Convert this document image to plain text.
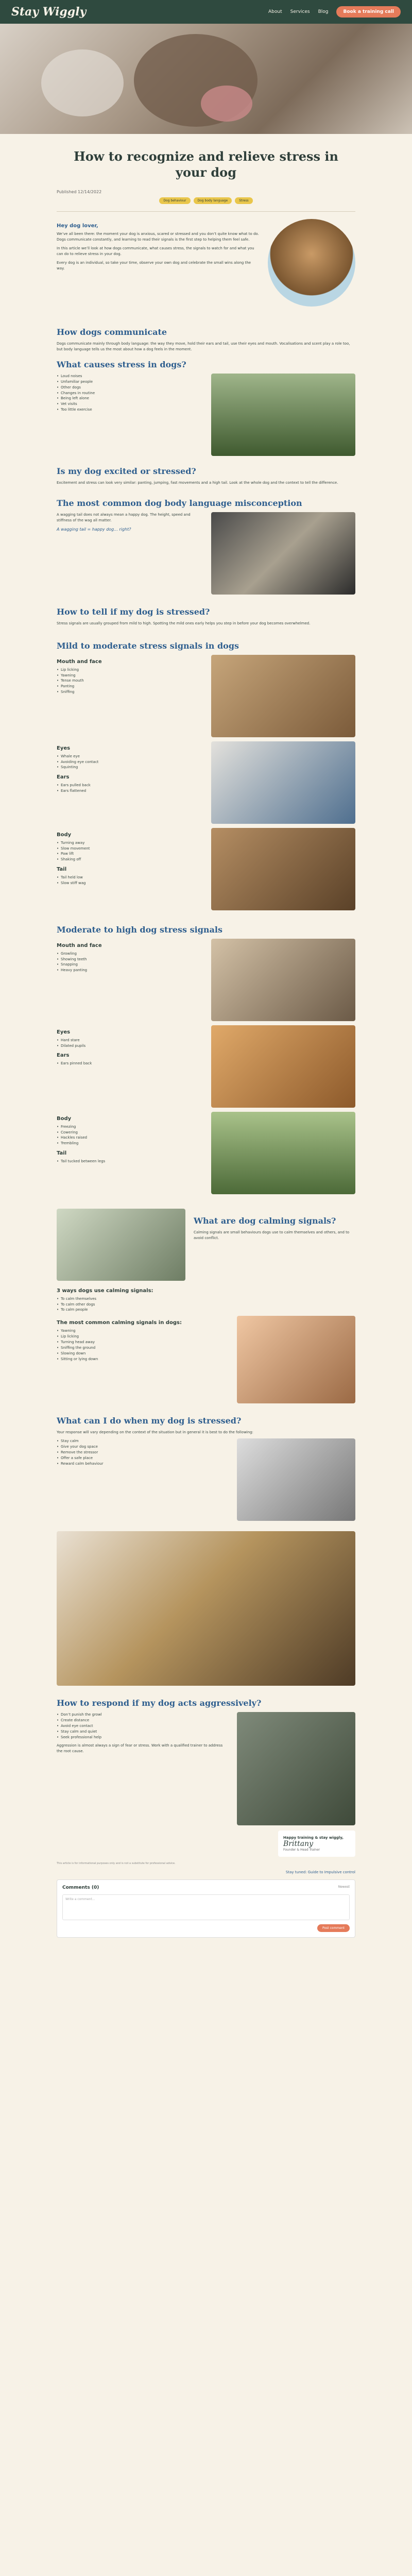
Stay Wiggly	About Services Blog	Book a training call
How to recognize and relieve stress in your dog
Published 12/14/2022
Dog behaviour	Dog body language	Stress
Hey dog lover,

We’ve all been there: the moment your dog is anxious, scared or stressed and you don’t quite know what to do. Dogs communicate constantly, and learning to read their signals is the first step to helping them feel safe.

In this article we’ll look at how dogs communicate, what causes stress, the signals to watch for and what you can do to relieve stress in your dog.

Every dog is an individual, so take your time, observe your own dog and celebrate the small wins along the way.

How dogs communicate

Dogs communicate mainly through body language: the way they move, hold their ears and tail, use their eyes and mouth. Vocalisations and scent play a role too, but body language tells us the most about how a dog feels in the moment.

What causes stress in dogs?
• Loud noises
• Unfamiliar people
• Other dogs
• Changes in routine
• Being left alone
• Vet visits
• Too little exercise
Is my dog excited or stressed?

Excitement and stress can look very similar: panting, jumping, fast movements and a high tail. Look at the whole dog and the context to tell the difference.

The most common dog body language misconception

A wagging tail does not always mean a happy dog. The height, speed and stiffness of the wag all matter.

A wagging tail = happy dog... right?

How to tell if my dog is stressed?

Stress signals are usually grouped from mild to high. Spotting the mild ones early helps you step in before your dog becomes overwhelmed.

Mild to moderate stress signals in dogs
Mouth and face
• Lip licking
• Yawning
• Tense mouth
• Panting
• Sniffing
Eyes
• Whale eye
• Avoiding eye contact
• Squinting
Ears
• Ears pulled back
• Ears flattened
Body
• Turning away
• Slow movement
• Paw lift
• Shaking off
Tail
• Tail held low
• Slow stiff wag
Moderate to high dog stress signals
Mouth and face
• Growling
• Showing teeth
• Snapping
• Heavy panting
Eyes
• Hard stare
• Dilated pupils
Ears
• Ears pinned back
Body
• Freezing
• Cowering
• Hackles raised
• Trembling
Tail
• Tail tucked between legs
What are dog calming signals?

Calming signals are small behaviours dogs use to calm themselves and others, and to avoid conflict.

3 ways dogs use calming signals:
• To calm themselves
• To calm other dogs
• To calm people
The most common calming signals in dogs:
• Yawning
• Lip licking
• Turning head away
• Sniffing the ground
• Slowing down
• Sitting or lying down
What can I do when my dog is stressed?

Your response will vary depending on the context of the situation but in general it is best to do the following:

• Stay calm
• Give your dog space
• Remove the stressor
• Offer a safe place
• Reward calm behaviour
How to respond if my dog acts aggressively?
• Don’t punish the growl
• Create distance
• Avoid eye contact
• Stay calm and quiet
• Seek professional help

Aggression is almost always a sign of fear or stress. Work with a qualified trainer to address the root cause.

Happy training & stay wiggly,
Brittany
Founder & Head Trainer
This article is for informational purposes only and is not a substitute for professional advice.
Stay tuned: Guide to Impulsive control
Comments (0)	Newest
Write a comment...
Post comment
